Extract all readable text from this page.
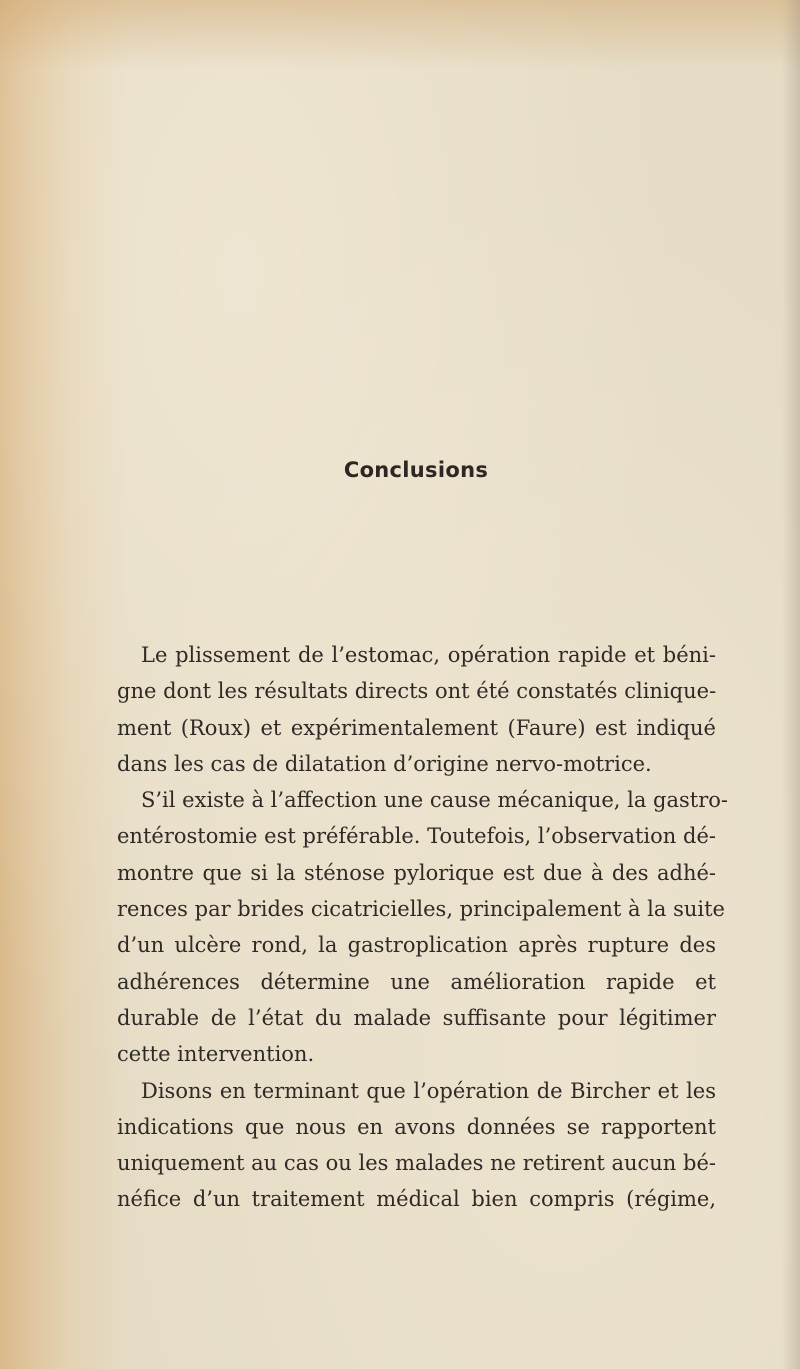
Conclusions
Le plissement de l’estomac, opération rapide et béni-
gne dont les résultats directs ont été constatés clinique-
ment (Roux) et expérimentalement (Faure) est indiqué
dans les cas de dilatation d’origine nervo-motrice.
S’il existe à l’affection une cause mécanique, la gastro-
entérostomie est préférable. Toutefois, l’observation dé-
montre que si la sténose pylorique est due à des adhé-
rences par brides cicatricielles, principalement à la suite
d’un ulcère rond, la gastroplication après rupture des
adhérences détermine une amélioration rapide et
durable de l’état du malade suffisante pour légitimer
cette intervention.
Disons en terminant que l’opération de Bircher et les
indications que nous en avons données se rapportent
uniquement au cas ou les malades ne retirent aucun bé-
néfice d’un traitement médical bien compris (régime,
